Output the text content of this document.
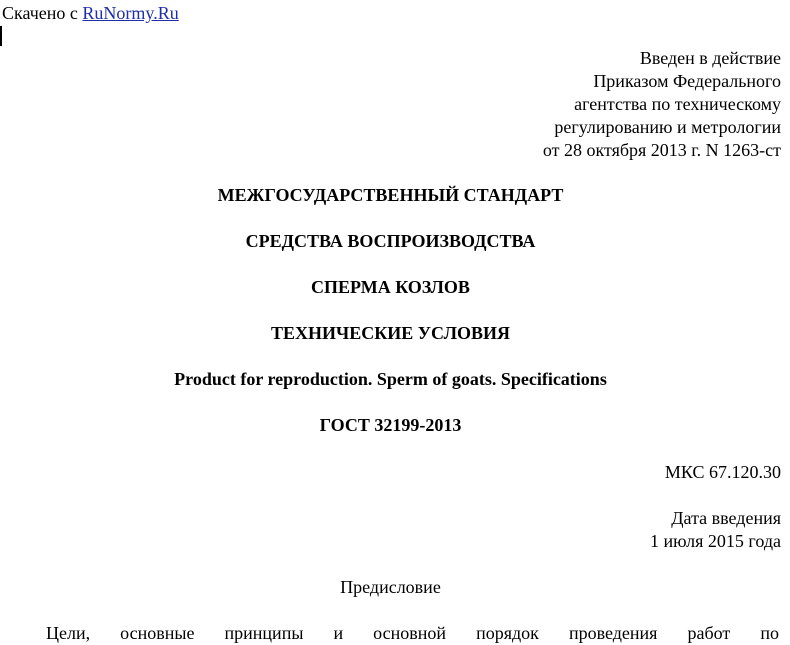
Скачено с RuNormy.Ru
Введен в действие
Приказом Федерального
агентства по техническому
регулированию и метрологии
от 28 октября 2013 г. N 1263-ст
МЕЖГОСУДАРСТВЕННЫЙ СТАНДАРТ
СРЕДСТВА ВОСПРОИЗВОДСТВА
СПЕРМА КОЗЛОВ
ТЕХНИЧЕСКИЕ УСЛОВИЯ
Product for reproduction. Sperm of goats. Specifications
ГОСТ 32199-2013
МКС 67.120.30
Дата введения
1 июля 2015 года
Предисловие
Цели, основные принципы и основной порядок проведения работ по
